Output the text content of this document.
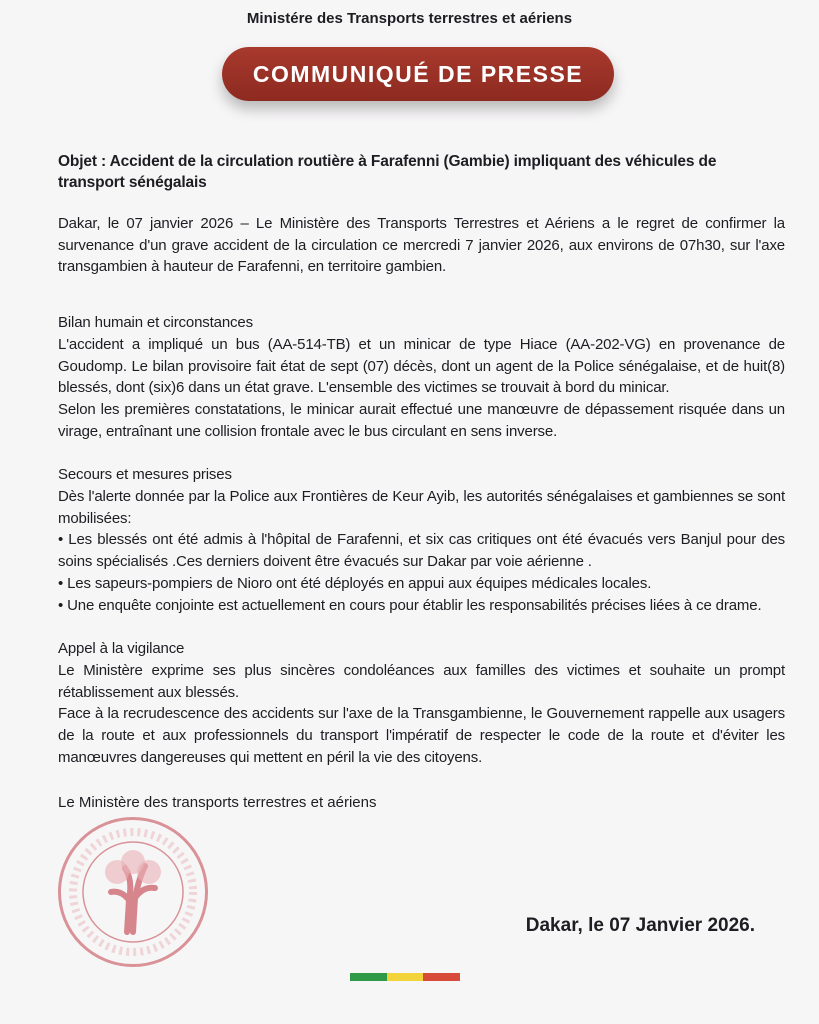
Ministére des Transports terrestres et aériens
COMMUNIQUÉ DE PRESSE
Objet : Accident de la circulation routière à Farafenni (Gambie) impliquant des véhicules de transport sénégalais

Dakar, le 07 janvier 2026 – Le Ministère des Transports Terrestres et Aériens a le regret de confirmer la survenance d'un grave accident de la circulation ce mercredi 7 janvier 2026, aux environs de 07h30, sur l'axe transgambien à hauteur de Farafenni, en territoire gambien.

Bilan humain et circonstances

L'accident a impliqué un bus (AA-514-TB) et un minicar de type Hiace (AA-202-VG) en provenance de Goudomp. Le bilan provisoire fait état de sept (07) décès, dont un agent de la Police sénégalaise, et de huit(8) blessés, dont (six)6 dans un état grave. L'ensemble des victimes se trouvait à bord du minicar.

Selon les premières constatations, le minicar aurait effectué une manœuvre de dépassement risquée dans un virage, entraînant une collision frontale avec le bus circulant en sens inverse.

Secours et mesures prises

Dès l'alerte donnée par la Police aux Frontières de Keur Ayib, les autorités sénégalaises et gambiennes se sont mobilisées:

• Les blessés ont été admis à l'hôpital de Farafenni, et six cas critiques ont été évacués vers Banjul pour des soins spécialisés .Ces derniers doivent être évacués sur Dakar par voie aérienne .

• Les sapeurs-pompiers de Nioro ont été déployés en appui aux équipes médicales locales.

• Une enquête conjointe est actuellement en cours pour établir les responsabilités précises liées à ce drame.

Appel à la vigilance

Le Ministère exprime ses plus sincères condoléances aux familles des victimes et souhaite un prompt rétablissement aux blessés.

Face à la recrudescence des accidents sur l'axe de la Transgambienne, le Gouvernement rappelle aux usagers de la route et aux professionnels du transport l'impératif de respecter le code de la route et d'éviter les manœuvres dangereuses qui mettent en péril la vie des citoyens.

Le Ministère des transports terrestres et aériens
Dakar, le 07 Janvier 2026.
